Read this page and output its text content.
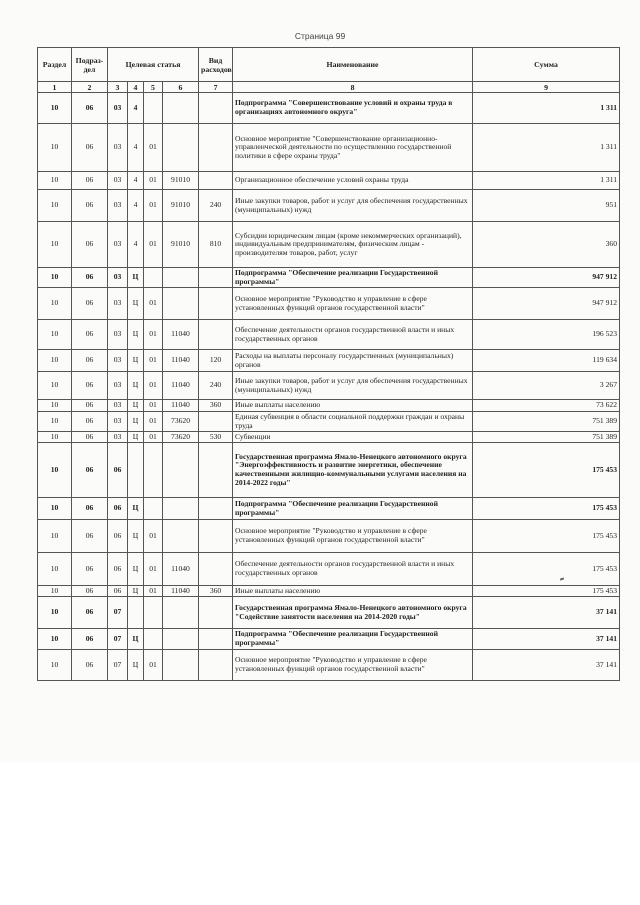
Страница 99
Раздел	Подраз-дел	Целевая статья				Вид расходов	Наименование	Сумма
1	2	3	4	5	6	7	8	9
10	06	03	4				Подпрограмма "Совершенствование условий и охраны труда в организациях автономного округа"	1 311
10	06	03	4	01			Основное мероприятие "Совершенствование организационно-управленческой деятельности по осуществлению государственной политики в сфере охраны труда"	1 311
10	06	03	4	01	91010		Организационное обеспечение условий охраны труда	1 311
10	06	03	4	01	91010	240	Иные закупки товаров, работ и услуг для обеспечения государственных (муниципальных) нужд	951
10	06	03	4	01	91010	810	Субсидии юридическим лицам (кроме некоммерческих организаций), индивидуальным предпринимателям, физическим лицам - производителям товаров, работ, услуг	360
10	06	03	Ц				Подпрограмма "Обеспечение реализации Государственной программы"	947 912
10	06	03	Ц	01			Основное мероприятие "Руководство и управление в сфере установленных функций органов государственной власти"	947 912
10	06	03	Ц	01	11040		Обеспечение деятельности органов государственной власти и иных государственных органов	196 523
10	06	03	Ц	01	11040	120	Расходы на выплаты персоналу государственных (муниципальных) органов	119 634
10	06	03	Ц	01	11040	240	Иные закупки товаров, работ и услуг для обеспечения государственных (муниципальных) нужд	3 267
10	06	03	Ц	01	11040	360	Иные выплаты населению	73 622
10	06	03	Ц	01	73620		Единая субвенция в области социальной поддержки граждан и охраны труда	751 389
10	06	03	Ц	01	73620	530	Субвенции	751 389
10	06	06					Государственная программа Ямало-Ненецкого автономного округа "Энергоэффективность и развитие энергетики, обеспечение качественными жилищно-коммунальными услугами населения на 2014-2022 годы"	175 453
10	06	06	Ц				Подпрограмма "Обеспечение реализации Государственной программы"	175 453
10	06	06	Ц	01			Основное мероприятие "Руководство и управление в сфере установленных функций органов государственной власти"	175 453
10	06	06	Ц	01	11040		Обеспечение деятельности органов государственной власти и иных государственных органов	175 453
10	06	06	Ц	01	11040	360	Иные выплаты населению	175 453
10	06	07					Государственная программа Ямало-Ненецкого автономного округа "Содействие занятости населения на 2014-2020 годы"	37 141
10	06	07	Ц				Подпрограмма "Обеспечение реализации Государственной программы"	37 141
10	06	07	Ц	01			Основное мероприятие "Руководство и управление в сфере установленных функций органов государственной власти"	37 141
